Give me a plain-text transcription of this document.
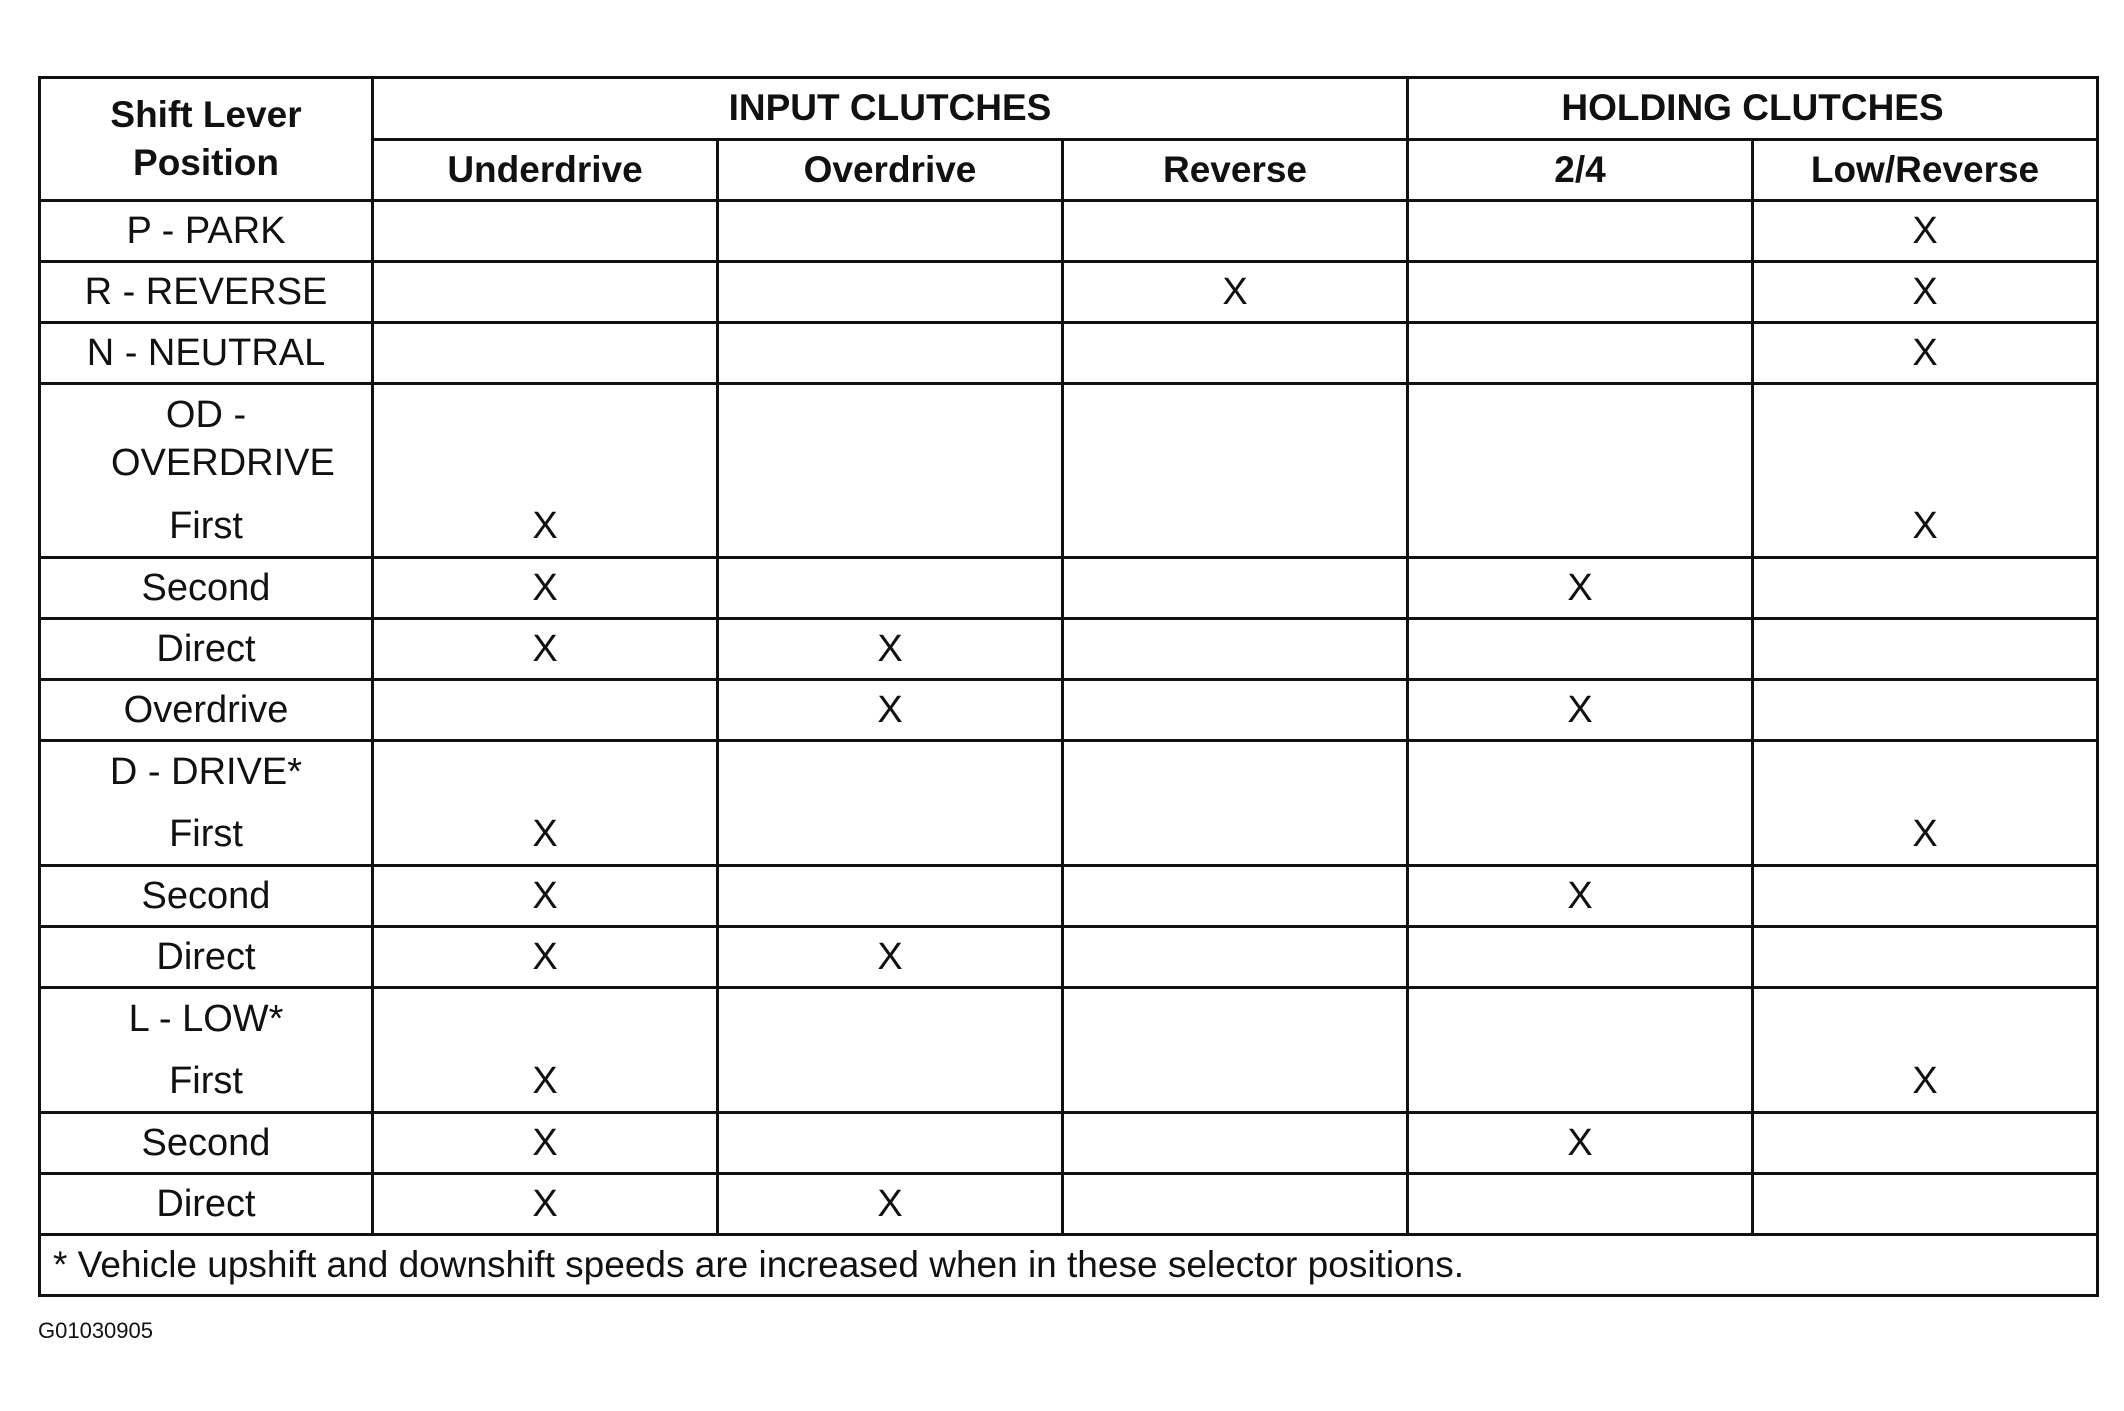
Shift Lever Position	INPUT CLUTCHES			HOLDING CLUTCHES	
	Underdrive	Overdrive	Reverse	2/4	Low/Reverse
P - PARK					X
R - REVERSE			X		X
N - NEUTRAL					X

OD - OVERDRIVE
First	X				X

Second	X			X	
Direct	X	X			
Overdrive		X		X	

D - DRIVE*
First	X				X

Second	X			X	
Direct	X	X			

L - LOW*
First	X				X

Second	X			X	
Direct	X	X			
* Vehicle upshift and downshift speeds are increased when in these selector positions.					
G01030905
